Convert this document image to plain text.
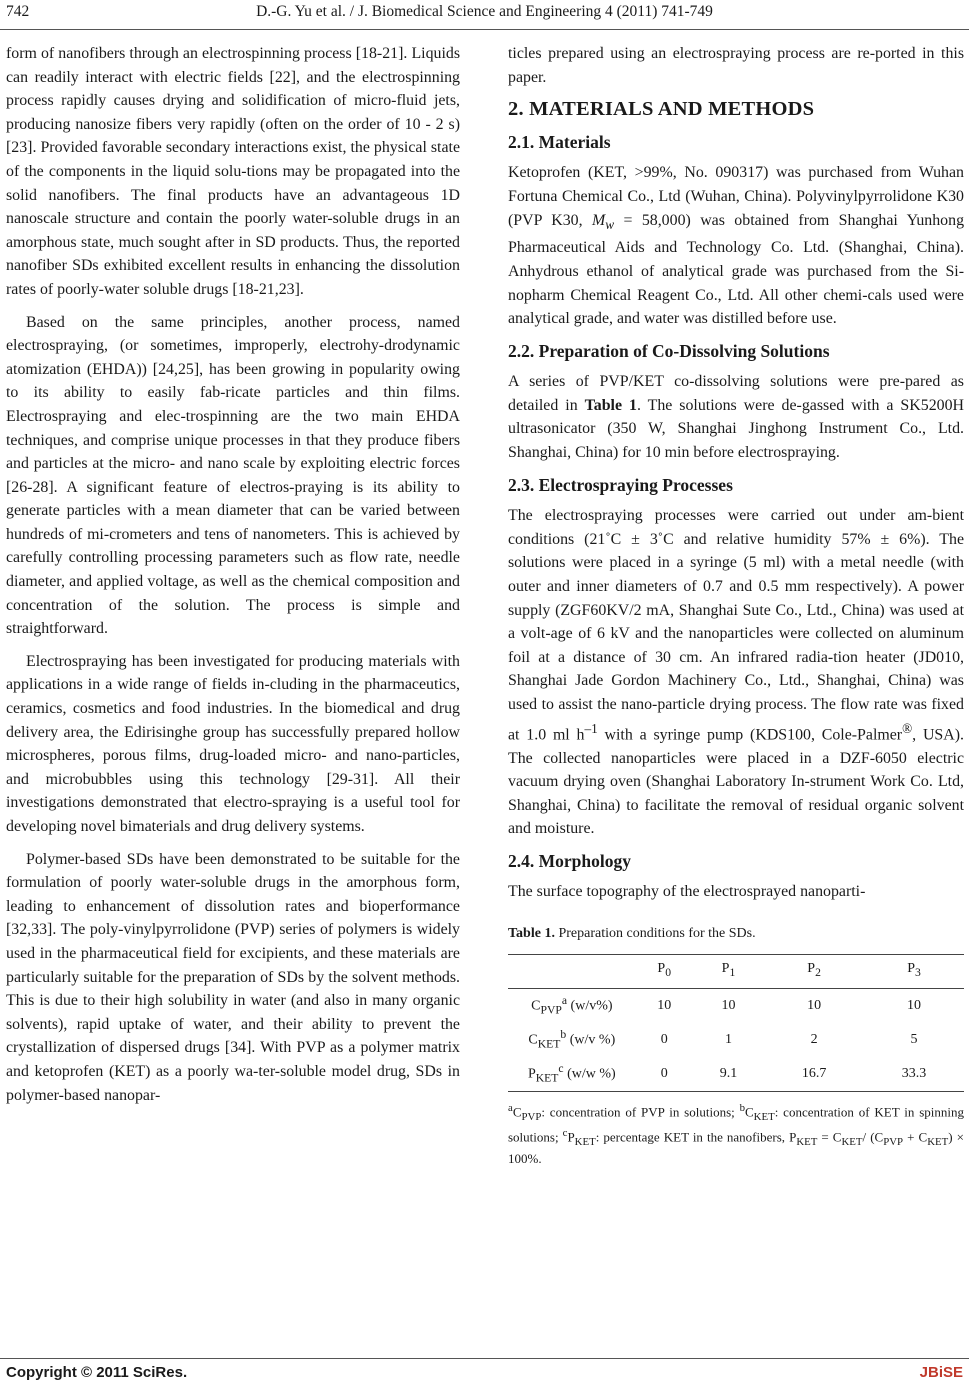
742	D.-G. Yu et al. / J. Biomedical Science and Engineering 4 (2011) 741-749

form of nanofibers through an electrospinning process [18-21]. Liquids can readily interact with electric fields [22], and the electrospinning process rapidly causes drying and solidification of micro-fluid jets, producing nanosize fibers very rapidly (often on the order of 10 - 2 s) [23]. Provided favorable secondary interactions exist, the physical state of the components in the liquid solu-tions may be propagated into the solid nanofibers. The final products have an advantageous 1D nanoscale structure and contain the poorly water-soluble drugs in an amorphous state, much sought after in SD products. Thus, the reported nanofiber SDs exhibited excellent results in enhancing the dissolution rates of poorly-water soluble drugs [18-21,23].

Based on the same principles, another process, named electrospraying, (or sometimes, improperly, electrohy-drodynamic atomization (EHDA)) [24,25], has been growing in popularity owing to its ability to easily fab-ricate particles and thin films. Electrospraying and elec-trospinning are the two main EHDA techniques, and comprise unique processes in that they produce fibers and particles at the micro- and nano scale by exploiting electric forces [26-28]. A significant feature of electros-praying is its ability to generate particles with a mean diameter that can be varied between hundreds of mi-crometers and tens of nanometers. This is achieved by carefully controlling processing parameters such as flow rate, needle diameter, and applied voltage, as well as the chemical composition and concentration of the solution. The process is simple and straightforward.

Electrospraying has been investigated for producing materials with applications in a wide range of fields in-cluding in the pharmaceutics, ceramics, cosmetics and food industries. In the biomedical and drug delivery area, the Edirisinghe group has successfully prepared hollow microspheres, porous films, drug-loaded micro- and nano-particles, and microbubbles using this technology [29-31]. All their investigations demonstrated that electro-spraying is a useful tool for developing novel bimaterials and drug delivery systems.

Polymer-based SDs have been demonstrated to be suitable for the formulation of poorly water-soluble drugs in the amorphous form, leading to enhancement of dissolution rates and bioperformance [32,33]. The poly-vinylpyrrolidone (PVP) series of polymers is widely used in the pharmaceutical field for excipients, and these materials are particularly suitable for the preparation of SDs by the solvent methods. This is due to their high solubility in water (and also in many organic solvents), rapid uptake of water, and their ability to prevent the crystallization of dispersed drugs [34]. With PVP as a polymer matrix and ketoprofen (KET) as a poorly wa-ter-soluble model drug, SDs in polymer-based nanopar-

ticles prepared using an electrospraying process are re-ported in this paper.

2. MATERIALS AND METHODS
2.1. Materials

Ketoprofen (KET, >99%, No. 090317) was purchased from Wuhan Fortuna Chemical Co., Ltd (Wuhan, China). Polyvinylpyrrolidone K30 (PVP K30, $M_w = 58,000$) was obtained from Shanghai Yunhong Pharmaceutical Aids and Technology Co. Ltd. (Shanghai, China). Anhydrous ethanol of analytical grade was purchased from the Si-nopharm Chemical Reagent Co., Ltd. All other chemi-cals used were analytical grade, and water was distilled before use.

2.2. Preparation of Co-Dissolving Solutions

A series of PVP/KET co-dissolving solutions were pre-pared as detailed in Table 1. The solutions were de-gassed with a SK5200H ultrasonicator (350 W, Shanghai Jinghong Instrument Co., Ltd. Shanghai, China) for 10 min before electrospraying.

2.3. Electrospraying Processes

The electrospraying processes were carried out under am-bient conditions (21˚C ± 3˚C and relative humidity 57% ± 6%). The solutions were placed in a syringe (5 ml) with a metal needle (with outer and inner diameters of 0.7 and 0.5 mm respectively). A power supply (ZGF60KV/2 mA, Shanghai Sute Co., Ltd., China) was used at a volt-age of 6 kV and the nanoparticles were collected on aluminum foil at a distance of 30 cm. An infrared radia-tion heater (JD010, Shanghai Jade Gordon Machinery Co., Ltd., Shanghai, China) was used to assist the nano-particle drying process. The flow rate was fixed at 1.0 ml $h^{-1}$ with a syringe pump (KDS100, Cole-Palmer®, USA). The collected nanoparticles were placed in a DZF-6050 electric vacuum drying oven (Shanghai Laboratory In-strument Work Co. Ltd, Shanghai, China) to facilitate the removal of residual organic solvent and moisture.

2.4. Morphology

The surface topography of the electrosprayed nanoparti-

Table 1. Preparation conditions for the SDs.
	$P_0$	$P_1$	$P_2$	$P_3$
$C_{PVP}^a$ (w/v%)	10	10	10	10
$C_{KET}^b$ (w/v %)	0	1	2	5
$P_{KET}^c$ (w/w %)	0	9.1	16.7	33.3
$^aC_{PVP}$: concentration of PVP in solutions; $^bC_{KET}$: concentration of KET in spinning solutions; $^cP_{KET}$: percentage KET in the nanofibers, $P_{KET} = C_{KET}/$ $(C_{PVP} + C_{KET}) \times 100\%$.
Copyright © 2011 SciRes.	JBiSE
